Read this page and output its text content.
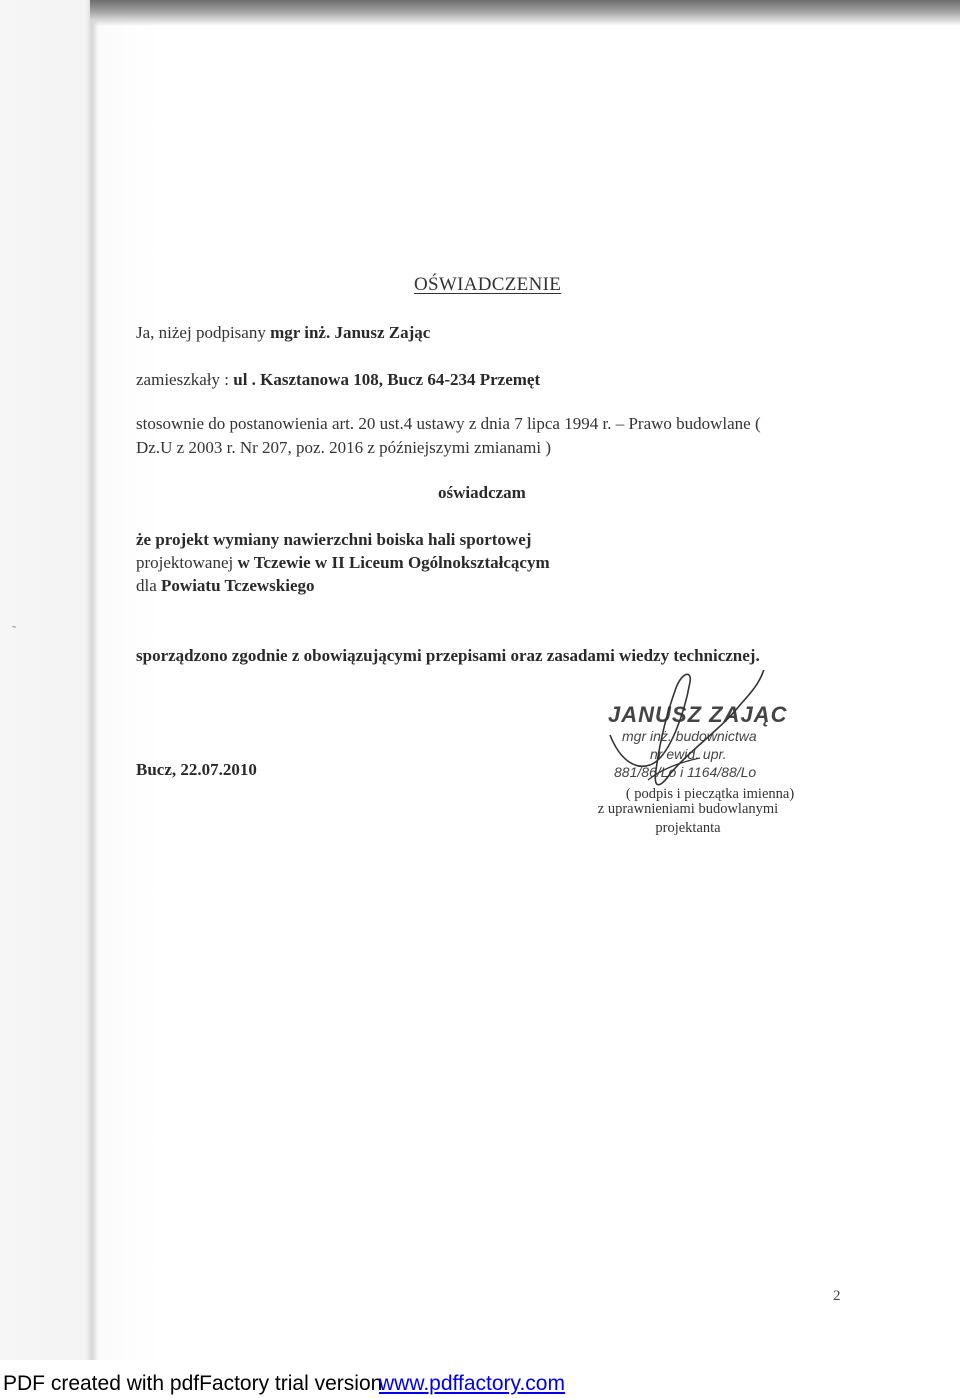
˜
OŚWIADCZENIE
Ja, niżej podpisany mgr inż. Janusz Zając
zamieszkały : ul . Kasztanowa 108, Bucz 64-234 Przemęt
stosownie do postanowienia art. 20 ust.4 ustawy z dnia 7 lipca 1994 r. – Prawo budowlane (
Dz.U z 2003 r. Nr 207, poz. 2016 z późniejszymi zmianami )
oświadczam
że projekt wymiany nawierzchni boiska hali sportowej
projektowanej w Tczewie w II Liceum Ogólnokształcącym
dla Powiatu Tczewskiego
sporządzono zgodnie z obowiązującymi przepisami oraz zasadami wiedzy technicznej.
Bucz, 22.07.2010
JANUSZ ZAJĄC
mgr inż. budownictwa
nr ewid. upr.
881/86/Lo i 1164/88/Lo
( podpis i pieczątka imienna)
z uprawnieniami budowlanymi
projektanta
2
PDF created with pdfFactory trial version
www.pdffactory.com
